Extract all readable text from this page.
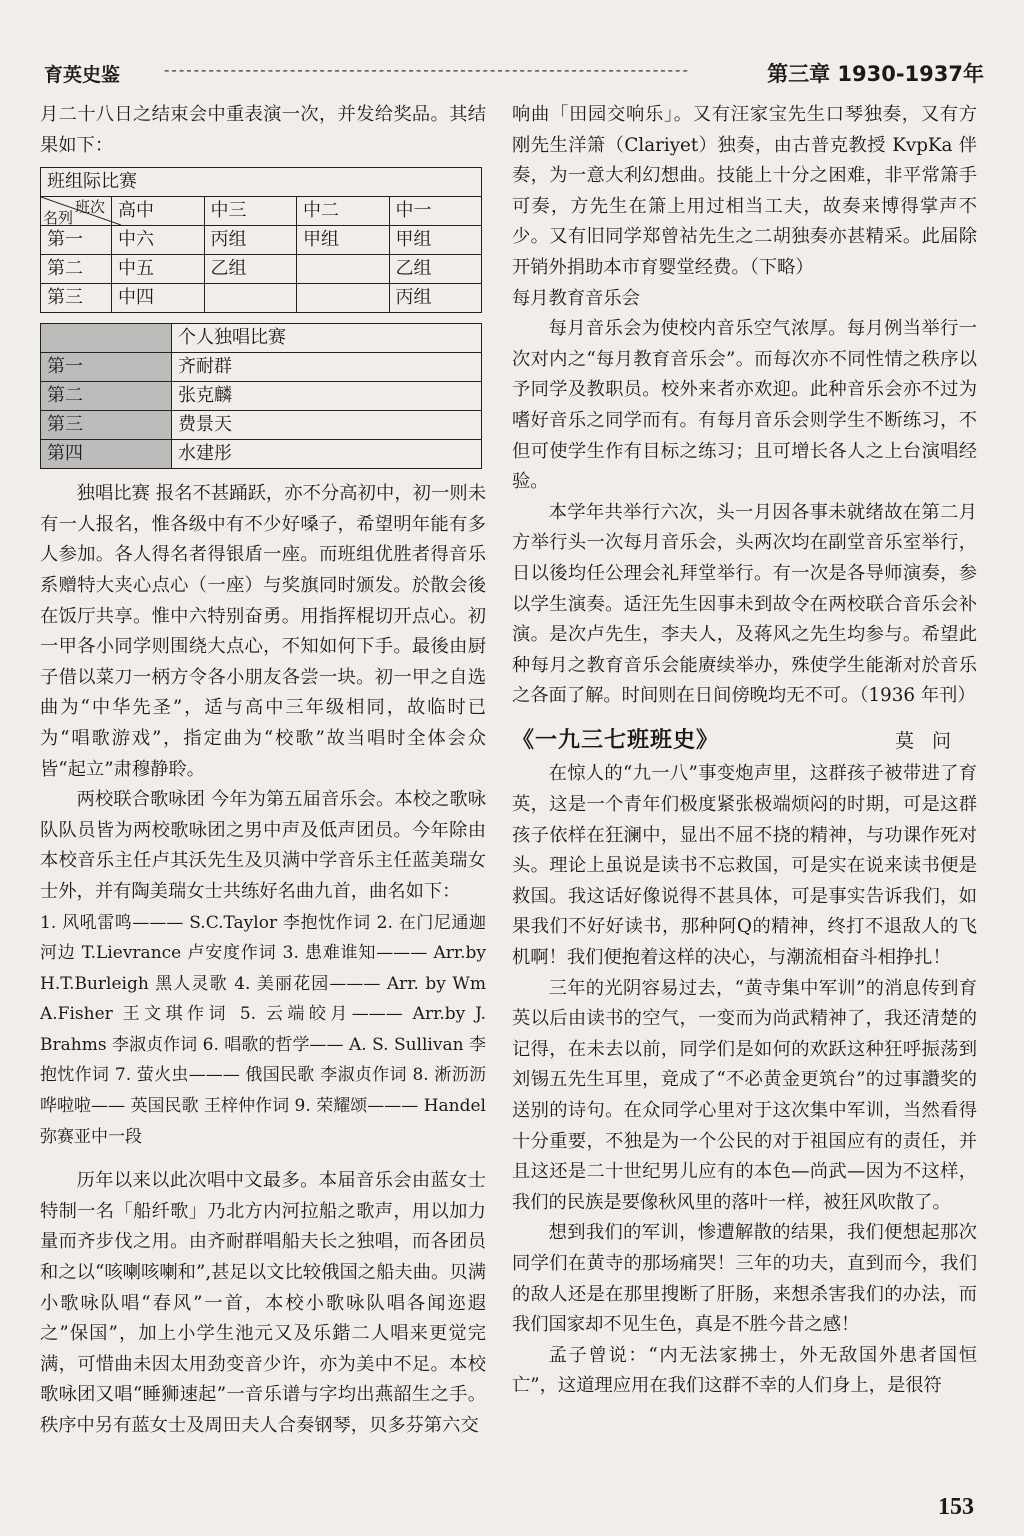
育英史鉴	-----------------------------------------------------------------------	第三章 1930-1937年

月二十八日之结束会中重表演一次，并发给奖品。其结果如下：

班组际比赛				

班次
名列	高中	中三	中二	中一
第一	中六	丙组	甲组	甲组
第二	中五	乙组		乙组
第三	中四			丙组
	个人独唱比赛
第一	齐耐群
第二	张克麟
第三	费景天
第四	水建彤

独唱比赛 报名不甚踊跃，亦不分高初中，初一则未有一人报名，惟各级中有不少好嗓子，希望明年能有多人参加。各人得名者得银盾一座。而班组优胜者得音乐系赠特大夹心点心（一座）与奖旗同时颁发。於散会後在饭厅共享。惟中六特别奋勇。用指挥棍切开点心。初一甲各小同学则围绕大点心，不知如何下手。最後由厨子借以菜刀一柄方令各小朋友各尝一块。初一甲之自选曲为“中华先圣”，适与高中三年级相同，故临时已为“唱歌游戏”，指定曲为“校歌”故当唱时全体会众皆“起立”肃穆静聆。

两校联合歌咏团 今年为第五届音乐会。本校之歌咏队队员皆为两校歌咏团之男中声及低声团员。今年除由本校音乐主任卢其沃先生及贝满中学音乐主任蓝美瑞女士外，并有陶美瑞女士共练好名曲九首，曲名如下：

1. 风吼雷鸣——— S.C.Taylor 李抱忱作词 2. 在门尼通迦河边 T.Lievrance 卢安度作词 3. 患难谁知——— Arr.by H.T.Burleigh 黑人灵歌 4. 美丽花园——— Arr. by Wm A.Fisher 王文琪作词 5. 云端皎月——— Arr.by J. Brahms 李淑贞作词 6. 唱歌的哲学—— A. S. Sullivan 李抱忱作词 7. 萤火虫——— 俄国民歌 李淑贞作词 8. 淅沥沥哗啦啦—— 英国民歌 王梓仲作词 9. 荣耀颂——— Handel 弥赛亚中一段

历年以来以此次唱中文最多。本届音乐会由蓝女士特制一名「船纤歌」乃北方内河拉船之歌声，用以加力量而齐步伐之用。由齐耐群唱船夫长之独唱，而各团员和之以“咳喇咳喇和”,甚足以文比较俄国之船夫曲。贝满小歌咏队唱“春风”一首，本校小歌咏队唱各闻迩遐之”保国”，加上小学生池元又及乐鍇二人唱来更觉完满，可惜曲未因太用劲变音少许，亦为美中不足。本校歌咏团又唱“睡狮速起”一音乐谱与字均出燕韶生之手。秩序中另有蓝女士及周田夫人合奏钢琴，贝多芬第六交

响曲「田园交响乐」。又有汪家宝先生口琴独奏，又有方刚先生洋箫（Clariyet）独奏，由古普克教授 KvpKa 伴奏，为一意大利幻想曲。技能上十分之困难，非平常箫手可奏，方先生在箫上用过相当工夫，故奏来博得掌声不少。又有旧同学郑曾祜先生之二胡独奏亦甚精采。此届除开销外捐助本市育婴堂经费。（下略）

每月教育音乐会

每月音乐会为使校内音乐空气浓厚。每月例当举行一次对内之“每月教育音乐会”。而每次亦不同性情之秩序以予同学及教职员。校外来者亦欢迎。此种音乐会亦不过为嗜好音乐之同学而有。有每月音乐会则学生不断练习，不但可使学生作有目标之练习；且可增长各人之上台演唱经验。

本学年共举行六次，头一月因各事未就绪故在第二月方举行头一次每月音乐会，头两次均在副堂音乐室举行，日以後均任公理会礼拜堂举行。有一次是各导师演奏，参以学生演奏。适汪先生因事未到故令在两校联合音乐会补演。是次卢先生，李夫人，及蒋风之先生均参与。希望此种每月之教育音乐会能赓续举办，殊使学生能渐对於音乐之各面了解。时间则在日间傍晚均无不可。（1936 年刊）

《一九三七班班史》	莫问

在惊人的“九一八”事变炮声里，这群孩子被带进了育英，这是一个青年们极度紧张极端烦闷的时期，可是这群孩子依样在狂澜中，显出不屈不挠的精神，与功课作死对头。理论上虽说是读书不忘救国，可是实在说来读书便是救国。我这话好像说得不甚具体，可是事实告诉我们，如果我们不好好读书，那种阿Q的精神，终打不退敌人的飞机啊！我们便抱着这样的决心，与潮流相奋斗相挣扎！

三年的光阴容易过去，“黄寺集中军训”的消息传到育英以后由读书的空气，一变而为尚武精神了，我还清楚的记得，在未去以前，同学们是如何的欢跃这种狂呼振荡到刘锡五先生耳里，竟成了“不必黄金更筑台”的过事讚奖的送别的诗句。在众同学心里对于这次集中军训，当然看得十分重要，不独是为一个公民的对于祖国应有的责任，并且这还是二十世纪男儿应有的本色—尚武—因为不这样，我们的民族是要像秋风里的落叶一样，被狂风吹散了。

想到我们的军训，惨遭解散的结果，我们便想起那次同学们在黄寺的那场痛哭！三年的功夫，直到而今，我们的敌人还是在那里搜断了肝肠，来想杀害我们的办法，而我们国家却不见生色，真是不胜今昔之感！

孟子曾说：“内无法家拂士，外无敌国外患者国恒亡”，这道理应用在我们这群不幸的人们身上，是很符

153
